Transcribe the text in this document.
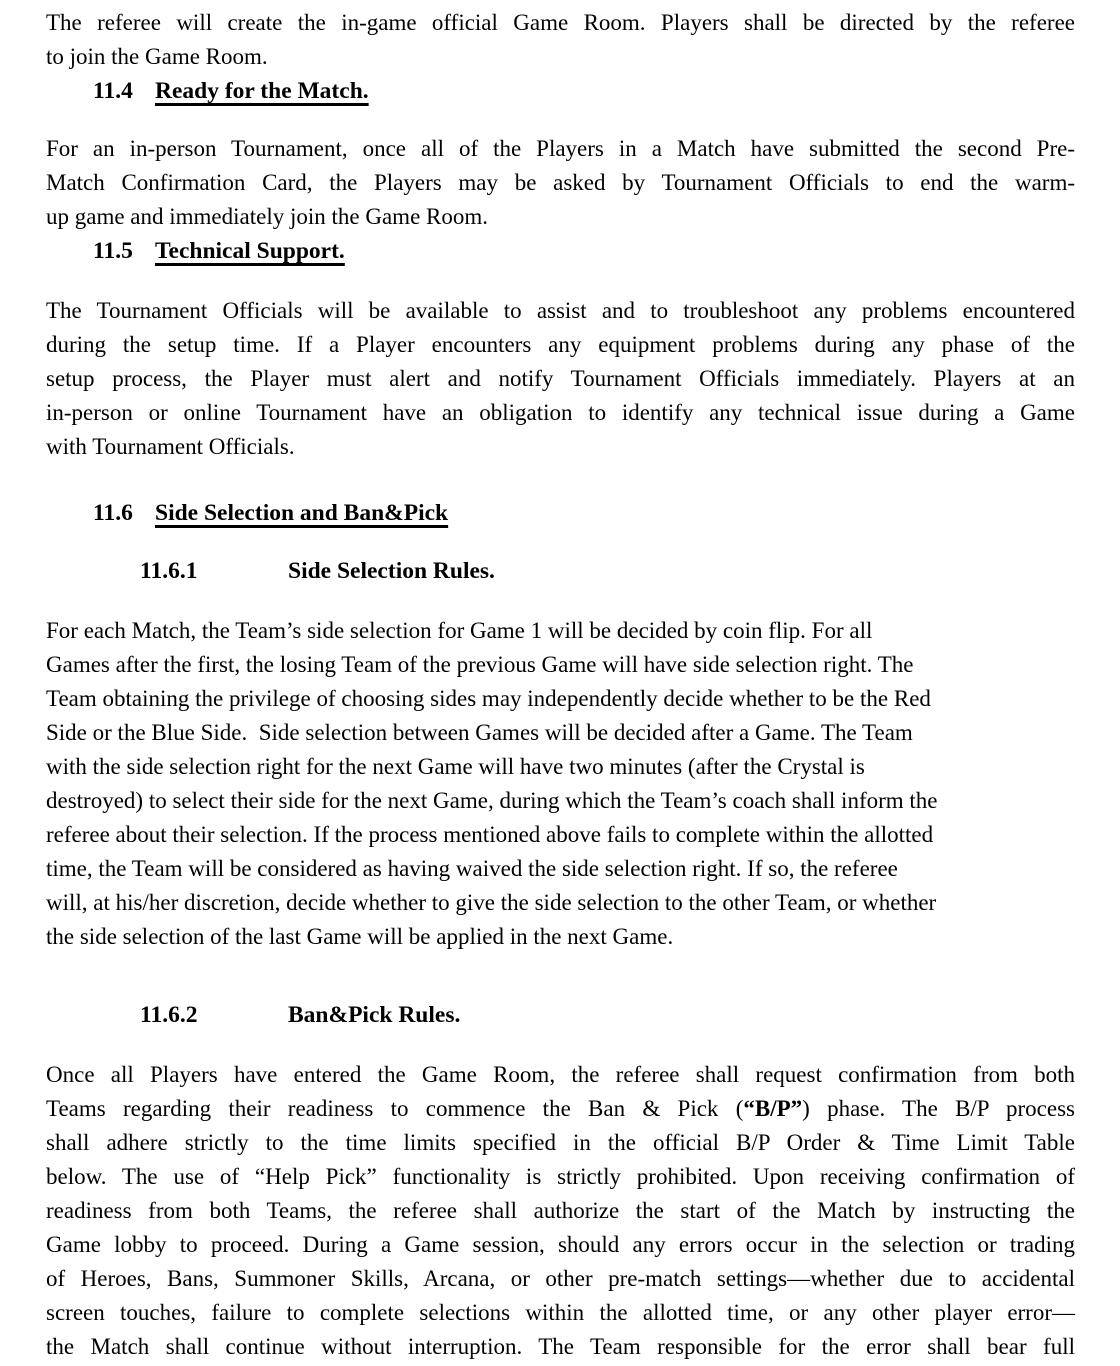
The referee will create the in-game official Game Room. Players shall be directed by the referee
to join the Game Room.
11.4 Ready for the Match.
For an in-person Tournament, once all of the Players in a Match have submitted the second Pre-
Match Confirmation Card, the Players may be asked by Tournament Officials to end the warm-
up game and immediately join the Game Room.
11.5 Technical Support.
The Tournament Officials will be available to assist and to troubleshoot any problems encountered
during the setup time. If a Player encounters any equipment problems during any phase of the
setup process, the Player must alert and notify Tournament Officials immediately. Players at an
in-person or online Tournament have an obligation to identify any technical issue during a Game
with Tournament Officials.
11.6 Side Selection and Ban&Pick
11.6.1	Side Selection Rules.
For each Match, the Team’s side selection for Game 1 will be decided by coin flip. For all
Games after the first, the losing Team of the previous Game will have side selection right. The
Team obtaining the privilege of choosing sides may independently decide whether to be the Red
Side or the Blue Side.  Side selection between Games will be decided after a Game. The Team
with the side selection right for the next Game will have two minutes (after the Crystal is
destroyed) to select their side for the next Game, during which the Team’s coach shall inform the
referee about their selection. If the process mentioned above fails to complete within the allotted
time, the Team will be considered as having waived the side selection right. If so, the referee
will, at his/her discretion, decide whether to give the side selection to the other Team, or whether
the side selection of the last Game will be applied in the next Game.
11.6.2	Ban&Pick Rules.
Once all Players have entered the Game Room, the referee shall request confirmation from both
Teams regarding their readiness to commence the Ban & Pick (“B/P”) phase. The B/P process
shall adhere strictly to the time limits specified in the official B/P Order & Time Limit Table
below. The use of “Help Pick” functionality is strictly prohibited. Upon receiving confirmation of
readiness from both Teams, the referee shall authorize the start of the Match by instructing the
Game lobby to proceed. During a Game session, should any errors occur in the selection or trading
of Heroes, Bans, Summoner Skills, Arcana, or other pre-match settings—whether due to accidental
screen touches, failure to complete selections within the allotted time, or any other player error—
the Match shall continue without interruption. The Team responsible for the error shall bear full
